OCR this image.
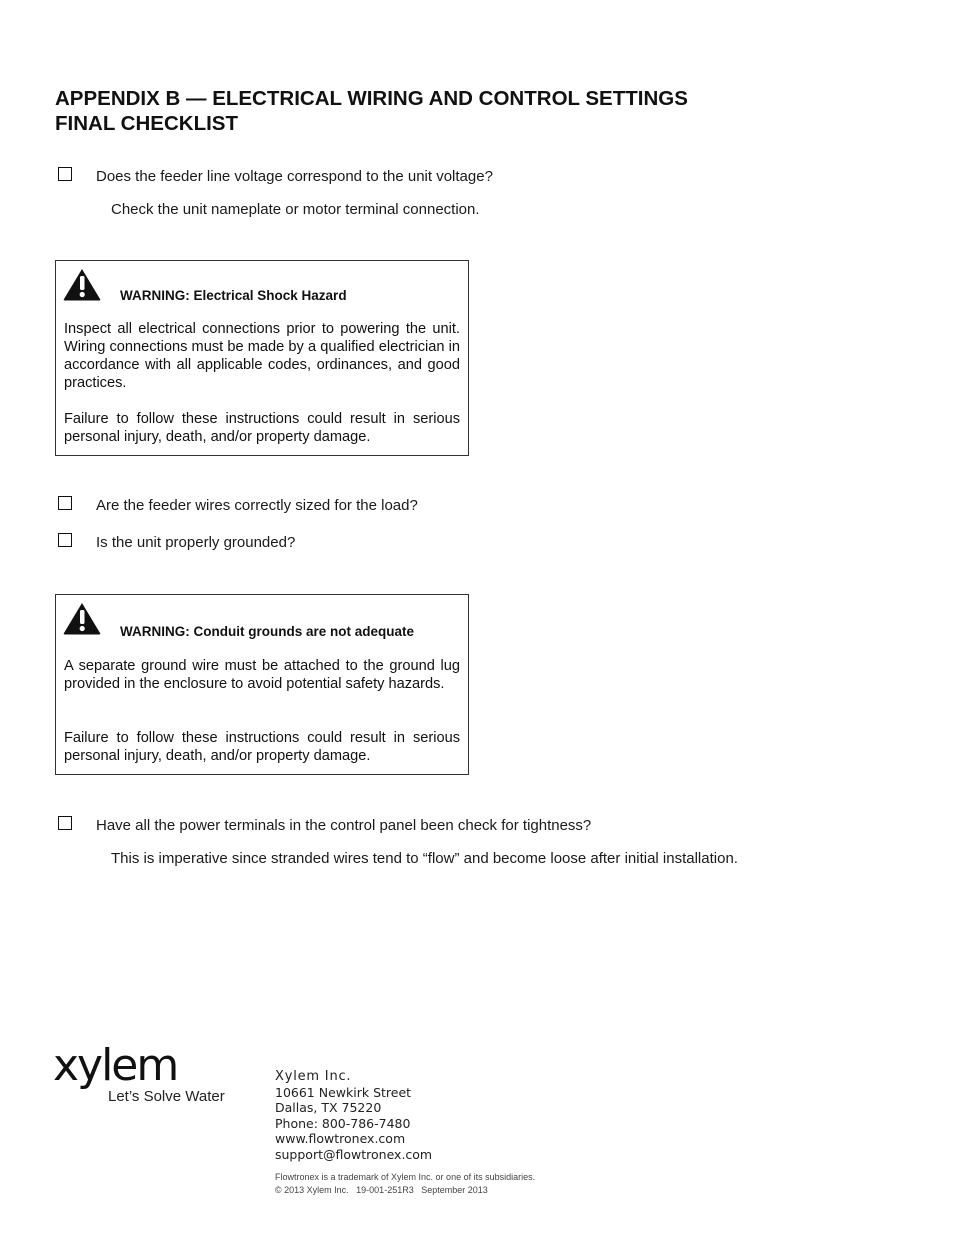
APPENDIX B — ELECTRICAL WIRING AND CONTROL SETTINGS
FINAL CHECKLIST
Does the feeder line voltage correspond to the unit voltage?
Check the unit nameplate or motor terminal connection.
WARNING: Electrical Shock Hazard
Inspect all electrical connections prior to powering the unit. Wiring connections must be made by a qualified electrician in accordance with all applicable codes, ordinances, and good practices.
Failure to follow these instructions could result in serious personal injury, death, and/or property damage.
Are the feeder wires correctly sized for the load?
Is the unit properly grounded?
WARNING: Conduit grounds are not adequate
A separate ground wire must be attached to the ground lug provided in the enclosure to avoid potential safety hazards.
Failure to follow these instructions could result in serious personal injury, death, and/or property damage.
Have all the power terminals in the control panel been check for tightness?
This is imperative since stranded wires tend to “flow” and become loose after initial installation.
xylem
Let’s Solve Water
Xylem Inc.
10661 Newkirk Street
Dallas, TX 75220
Phone: 800-786-7480
www.flowtronex.com
support@flowtronex.com
Flowtronex is a trademark of Xylem Inc. or one of its subsidiaries.
© 2013 Xylem Inc.   19-001-251R3   September 2013
